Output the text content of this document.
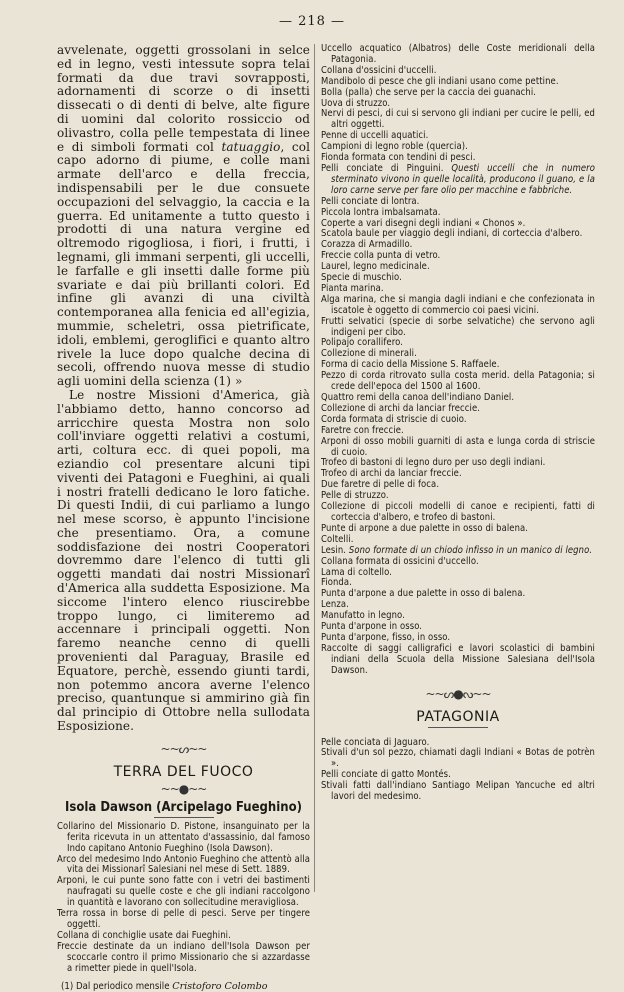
— 218 —

avvelenate, oggetti grossolani in selce ed in legno, vesti intessute sopra telai formati da due travi sovrapposti, adornamenti di scorze o di insetti dissecati o di denti di belve, alte figure di uomini dal colorito rossiccio od olivastro, colla pelle tempestata di linee e di simboli formati col tatuaggio, col capo adorno di piume, e colle mani armate dell'arco e della freccia, indispensabili per le due consuete occupazioni del selvaggio, la caccia e la guerra. Ed unitamente a tutto questo i prodotti di una natura vergine ed oltremodo rigogliosa, i fiori, i frutti, i legnami, gli immani serpenti, gli uccelli, le farfalle e gli insetti dalle forme più svariate e dai più brillanti colori. Ed infine gli avanzi di una civiltà contemporanea alla fenicia ed all'egizia, mummie, scheletri, ossa pietrificate, idoli, emblemi, geroglifici e quanto altro rivele la luce dopo qualche decina di secoli, offrendo nuova messe di studio agli uomini della scienza (1) »

Le nostre Missioni d'America, già l'abbiamo detto, hanno concorso ad arricchire questa Mostra non solo coll'inviare oggetti relativi a costumi, arti, coltura ecc. di quei popoli, ma eziandio col presentare alcuni tipi viventi dei Patagoni e Fueghini, ai quali i nostri fratelli dedicano le loro fatiche. Di questi Indii, di cui parliamo a lungo nel mese scorso, è appunto l'incisione che presentiamo. Ora, a comune soddisfazione dei nostri Cooperatori dovremmo dare l'elenco di tutti gli oggetti mandati dai nostri Missionarî d'America alla suddetta Esposizione. Ma siccome l'intero elenco riuscirebbe troppo lungo, ci limiteremo ad accennare i principali oggetti. Non faremo neanche cenno di quelli provenienti dal Paraguay, Brasile ed Equatore, perchè, essendo giunti tardi, non potemmo ancora averne l'elenco preciso, quantunque si ammirino già fin dal principio di Ottobre nella sullodata Esposizione.

~~ᔕ~~
TERRA DEL FUOCO
~~●~~
Isola Dawson (Arcipelago Fueghino)
Collarino del Missionario D. Pistone, insanguinato per la ferita ricevuta in un attentato d'assassinio, dal famoso Indo capitano Antonio Fueghino (Isola Dawson).
Arco del medesimo Indo Antonio Fueghino che attentò alla vita dei Missionarî Salesiani nel mese di Sett. 1889.
Arponi, le cui punte sono fatte con i vetri dei bastimenti naufragati su quelle coste e che gli indiani raccolgono in quantità e lavorano con sollecitudine meravigliosa.
Terra rossa in borse di pelle di pesci. Serve per tingere oggetti.
Collana di conchiglie usate dai Fueghini.
Freccie destinate da un indiano dell'Isola Dawson per scoccarle contro il primo Missionario che si azzardasse a rimetter piede in quell'Isola.
(1) Dal periodico mensile Cristoforo Colombo
Uccello acquatico (Albatros) delle Coste meridionali della Patagonia.
Collana d'ossicini d'uccelli.
Mandibolo di pesce che gli indiani usano come pettine.
Bolla (palla) che serve per la caccia dei guanachi.
Uova di struzzo.
Nervi di pesci, di cui si servono gli indiani per cucire le pelli, ed altri oggetti.
Penne di uccelli aquatici.
Campioni di legno roble (quercia).
Fionda formata con tendini di pesci.
Pelli conciate di Pinguini. Questi uccelli che in numero sterminato vivono in quelle località, producono il guano, e la loro carne serve per fare olio per macchine e fabbriche.
Pelli conciate di lontra.
Piccola lontra imbalsamata.
Coperte a vari disegni degli indiani « Chonos ».
Scatola baule per viaggio degli indiani, di corteccia d'albero.
Corazza di Armadillo.
Freccie colla punta di vetro.
Laurel, legno medicinale.
Specie di muschio.
Pianta marina.
Alga marina, che si mangia dagli indiani e che confezionata in iscatole è oggetto di commercio coi paesi vicini.
Frutti selvatici (specie di sorbe selvatiche) che servono agli indigeni per cibo.
Polipajo corallifero.
Collezione di minerali.
Forma di cacio della Missione S. Raffaele.
Pezzo di corda ritrovato sulla costa merid. della Patagonia; si crede dell'epoca del 1500 al 1600.
Quattro remi della canoa dell'indiano Daniel.
Collezione di archi da lanciar freccie.
Corda formata di striscie di cuoio.
Faretre con freccie.
Arponi di osso mobili guarniti di asta e lunga corda di striscie di cuoio.
Trofeo di bastoni di legno duro per uso degli indiani.
Trofeo di archi da lanciar freccie.
Due faretre di pelle di foca.
Pelle di struzzo.
Collezione di piccoli modelli di canoe e recipienti, fatti di corteccia d'albero, e trofeo di bastoni.
Punte di arpone a due palette in osso di balena.
Coltelli.
Lesin. Sono formate di un chiodo infisso in un manico di legno.
Collana formata di ossicini d'uccello.
Lama di coltello.
Fionda.
Punta d'arpone a due palette in osso di balena.
Lenza.
Manufatto in legno.
Punta d'arpone in osso.
Punta d'arpone, fisso, in osso.
Raccolte di saggi calligrafici e lavori scolastici di bambini indiani della Scuola della Missione Salesiana dell'Isola Dawson.
~~ᔕ●ᔓ~~
PATAGONIA
Pelle conciata di Jaguaro.
Stivali d'un sol pezzo, chiamati dagli Indiani « Botas de potrèn ».
Pelli conciate di gatto Montés.
Stivali fatti dall'indiano Santiago Melipan Yancuche ed altri lavori del medesimo.
